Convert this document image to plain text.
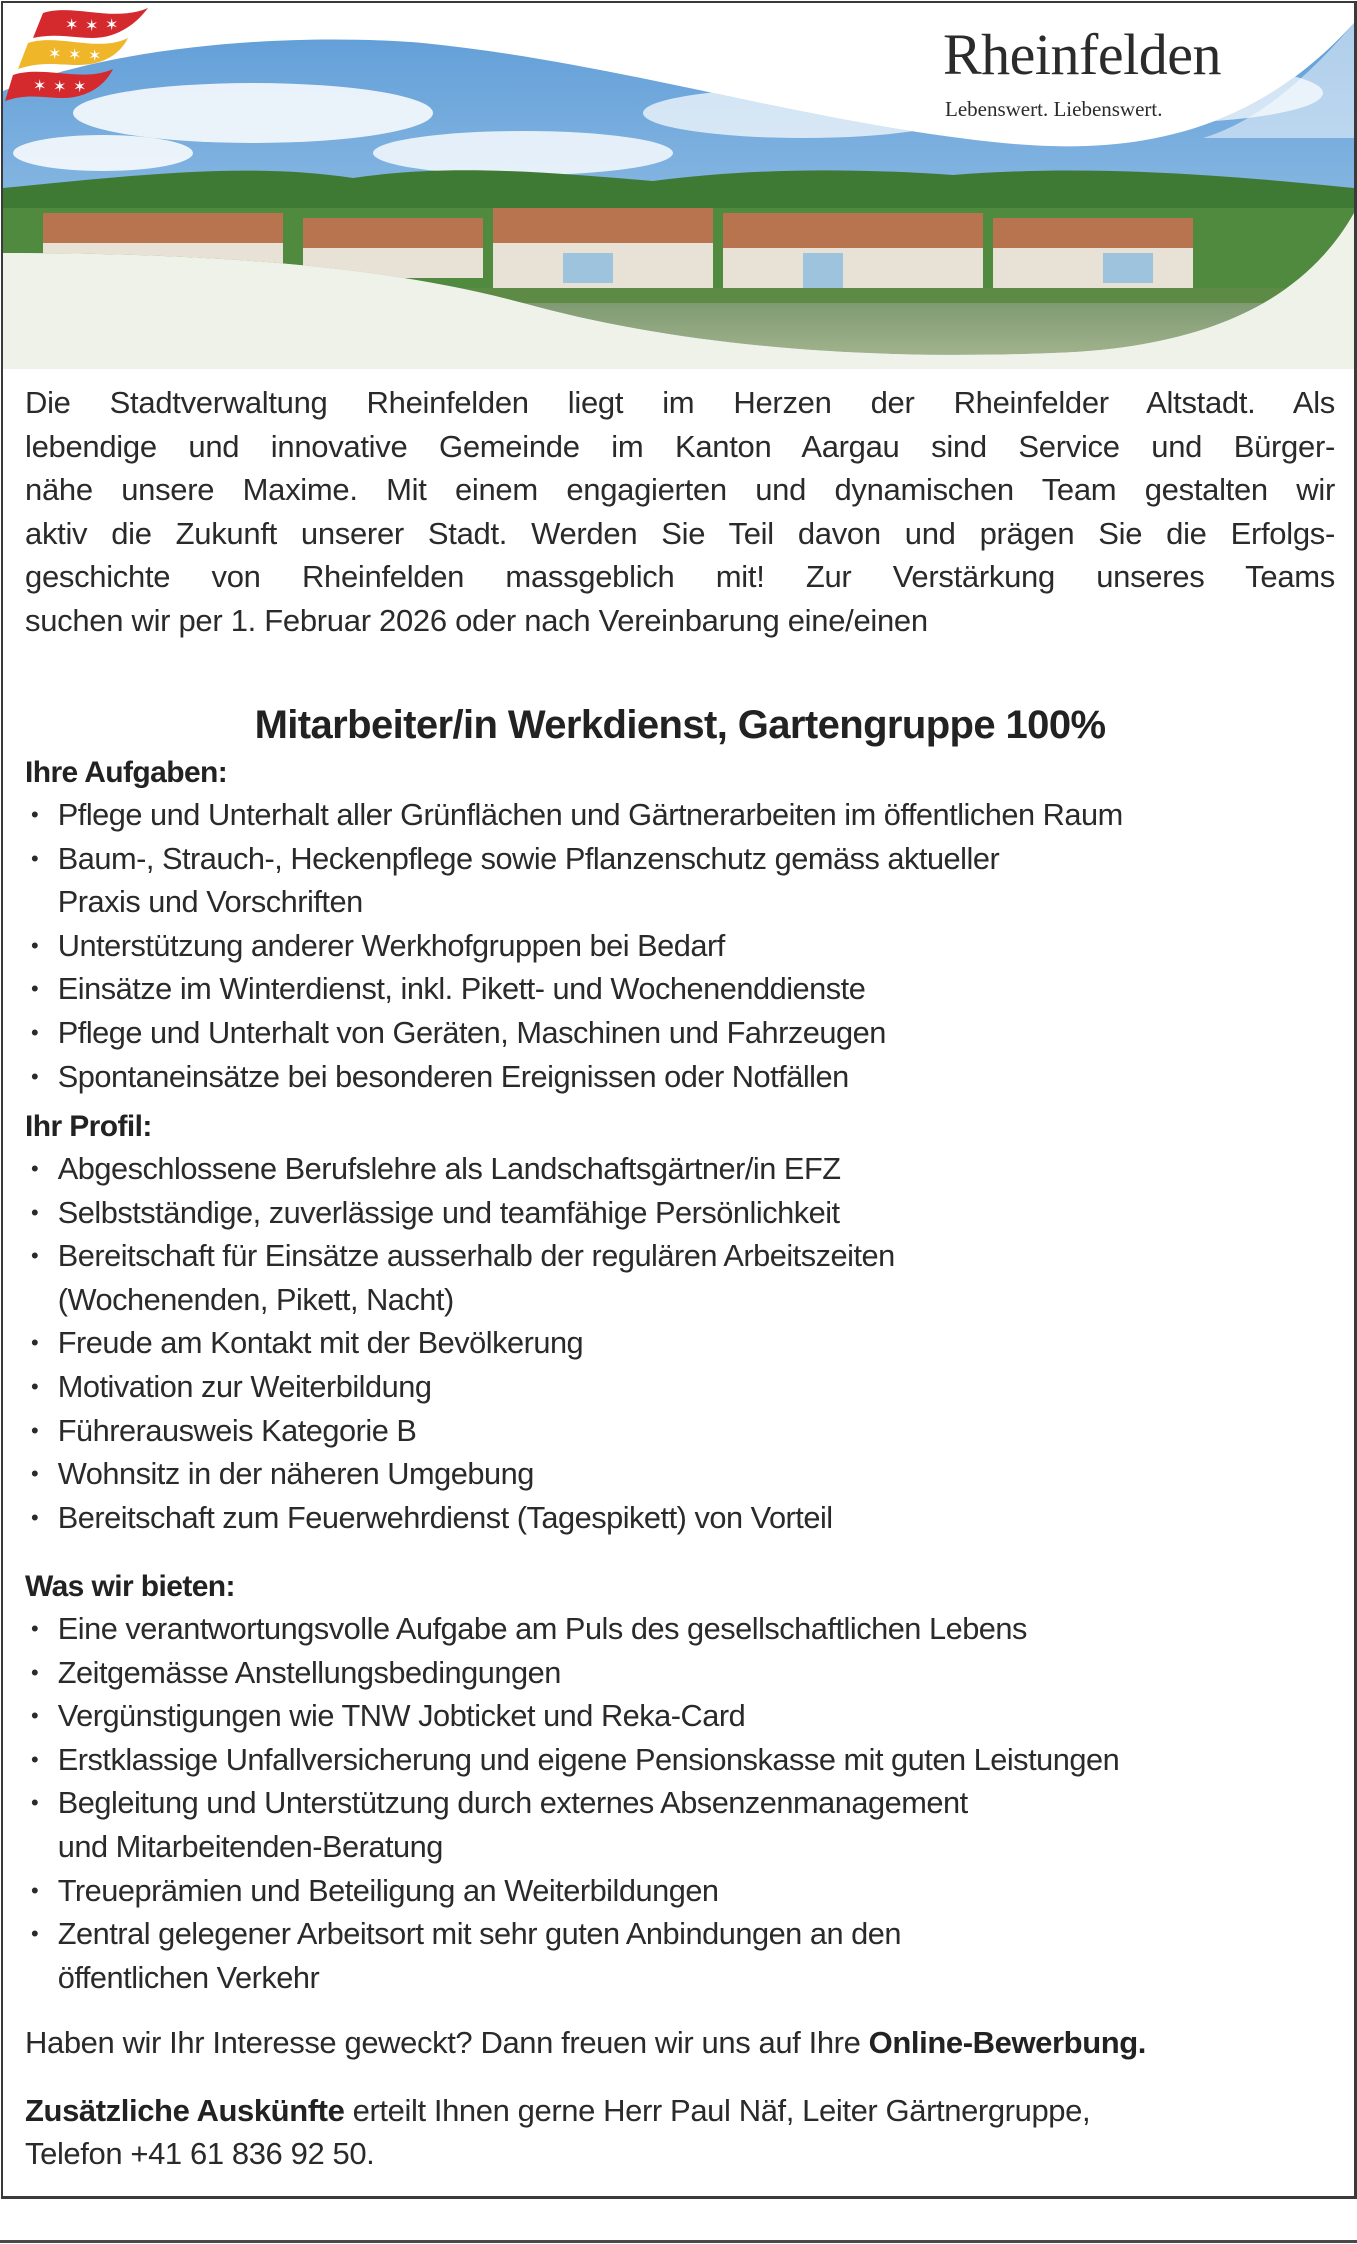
✶ ✶ ✶
✶ ✶ ✶
✶ ✶ ✶	Rheinfelden
Lebenswert. Liebenswert.
Die Stadtverwaltung Rheinfelden liegt im Herzen der Rheinfelder Altstadt. Als
lebendige und innovative Gemeinde im Kanton Aargau sind Service und Bürger-
nähe unsere Maxime. Mit einem engagierten und dynamischen Team gestalten wir
aktiv die Zukunft unserer Stadt. Werden Sie Teil davon und prägen Sie die Erfolgs-
geschichte von Rheinfelden massgeblich mit! Zur Verstärkung unseres Teams
suchen wir per 1. Februar 2026 oder nach Vereinbarung eine/einen
Mitarbeiter/in Werkdienst, Gartengruppe 100%
Ihre Aufgaben:
• Pflege und Unterhalt aller Grünflächen und Gärtnerarbeiten im öffentlichen Raum
• Baum-, Strauch-, Heckenpflege sowie Pflanzenschutz gemäss aktueller
Praxis und Vorschriften
• Unterstützung anderer Werkhofgruppen bei Bedarf
• Einsätze im Winterdienst, inkl. Pikett- und Wochenenddienste
• Pflege und Unterhalt von Geräten, Maschinen und Fahrzeugen
• Spontaneinsätze bei besonderen Ereignissen oder Notfällen
Ihr Profil:
• Abgeschlossene Berufslehre als Landschaftsgärtner/in EFZ
• Selbstständige, zuverlässige und teamfähige Persönlichkeit
• Bereitschaft für Einsätze ausserhalb der regulären Arbeitszeiten
(Wochenenden, Pikett, Nacht)
• Freude am Kontakt mit der Bevölkerung
• Motivation zur Weiterbildung
• Führerausweis Kategorie B
• Wohnsitz in der näheren Umgebung
• Bereitschaft zum Feuerwehrdienst (Tagespikett) von Vorteil
Was wir bieten:
• Eine verantwortungsvolle Aufgabe am Puls des gesellschaftlichen Lebens
• Zeitgemässe Anstellungsbedingungen
• Vergünstigungen wie TNW Jobticket und Reka-Card
• Erstklassige Unfallversicherung und eigene Pensionskasse mit guten Leistungen
• Begleitung und Unterstützung durch externes Absenzenmanagement
und Mitarbeitenden-Beratung
• Treueprämien und Beteiligung an Weiterbildungen
• Zentral gelegener Arbeitsort mit sehr guten Anbindungen an den
öffentlichen Verkehr
Haben wir Ihr Interesse geweckt? Dann freuen wir uns auf Ihre Online-Bewerbung.
Zusätzliche Auskünfte erteilt Ihnen gerne Herr Paul Näf, Leiter Gärtnergruppe,
Telefon +41 61 836 92 50.
